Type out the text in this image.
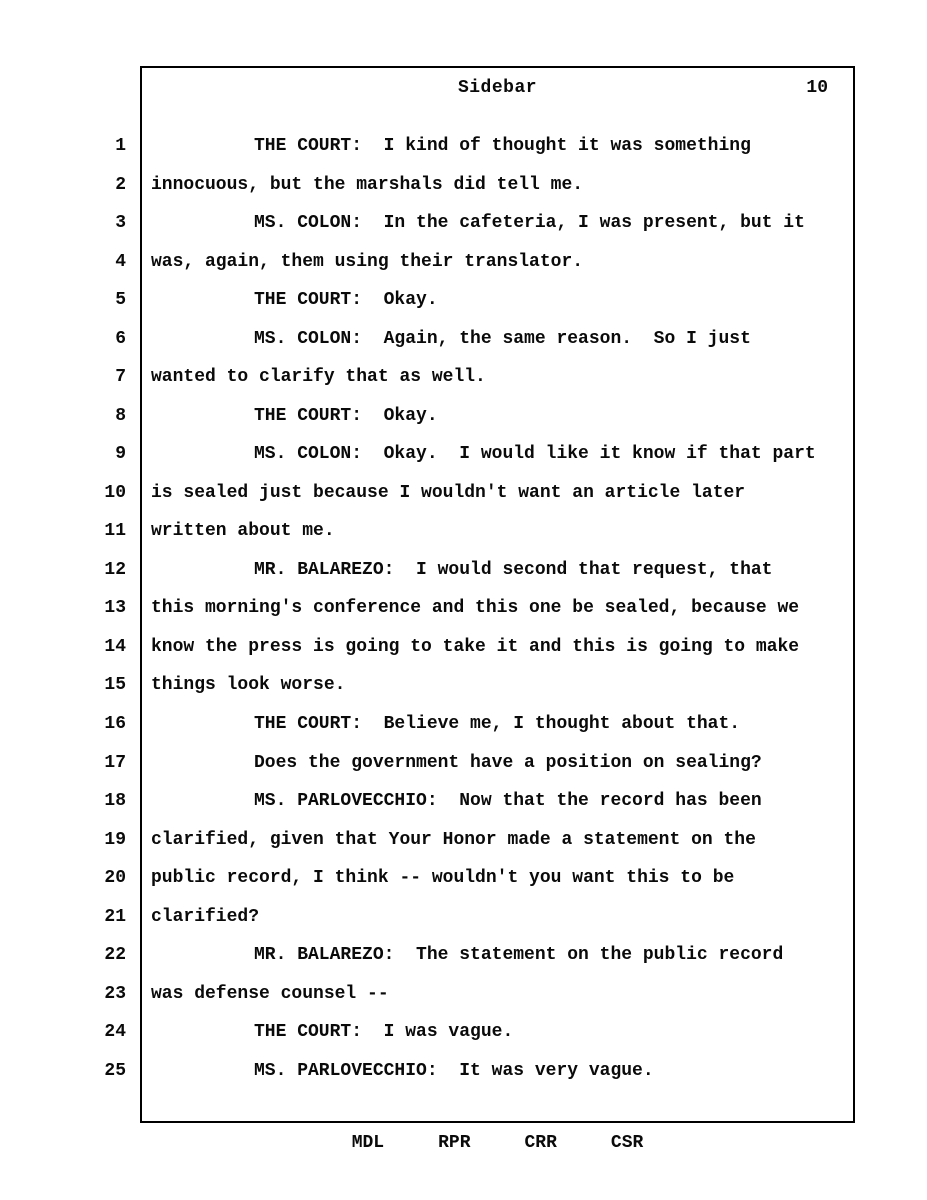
Sidebar	10
1
2
3
4
5
6
7
8
9
10
11
12
13
14
15
16
17
18
19
20
21
22
23
24
25
THE COURT:  I kind of thought it was something
innocuous, but the marshals did tell me.
MS. COLON:  In the cafeteria, I was present, but it
was, again, them using their translator.
THE COURT:  Okay.
MS. COLON:  Again, the same reason.  So I just
wanted to clarify that as well.
THE COURT:  Okay.
MS. COLON:  Okay.  I would like it know if that part
is sealed just because I wouldn't want an article later
written about me.
MR. BALAREZO:  I would second that request, that
this morning's conference and this one be sealed, because we
know the press is going to take it and this is going to make
things look worse.
THE COURT:  Believe me, I thought about that.
Does the government have a position on sealing?
MS. PARLOVECCHIO:  Now that the record has been
clarified, given that Your Honor made a statement on the
public record, I think -- wouldn't you want this to be
clarified?
MR. BALAREZO:  The statement on the public record
was defense counsel --
THE COURT:  I was vague.
MS. PARLOVECCHIO:  It was very vague.
MDL	RPR	CRR	CSR
